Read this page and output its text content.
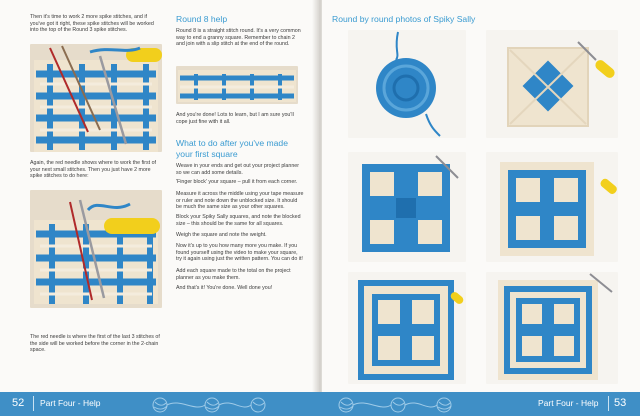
Then it's time to work 2 more spike stitches, and if you've got it right, these spike stitches will be worked into the top of the Round 3 spike stitches.
Again, the red needle shows where to work the first of your next small stitches. Then you just have 2 more spike stitches to do here:
The red needle is where the first of the last 3 stitches of the side will be worked before the corner in the 2-chain space.
Round 8 help
Round 8 is a straight stitch round. It's a very common way to end a granny square. Remember to chain 2 and join with a slip stitch at the end of the round.
And you're done! Lots to learn, but I am sure you'll cope just fine with it all.
What to do after you've made
your first square
Weave in your ends and get out your project planner so we can add some details.
'Finger block' your square – pull it from each corner.
Measure it across the middle using your tape measure or ruler and note down the unblocked size. It should be much the same size as your other squares.
Block your Spiky Sally squares, and note the blocked size – this should be the same for all squares.
Weigh the square and note the weight.
Now it's up to you how many more you make. If you found yourself using the video to make your square, try it again using just the written pattern. You can do it!
Add each square made to the total on the project planner as you make them.
And that's it! You're done. Well done you!
Round by round photos of Spiky Sally
52 Part Four - Help	Part Four - Help 53
